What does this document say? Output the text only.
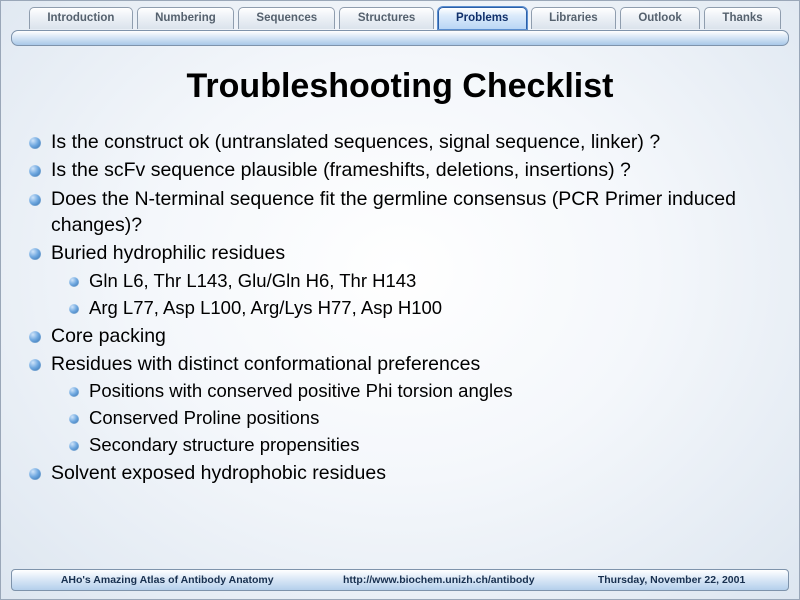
Introduction	Numbering	Sequences	Structures	Problems	Libraries	Outlook	Thanks
Troubleshooting Checklist
Is the construct ok (untranslated sequences, signal sequence, linker) ?
Is the scFv sequence plausible (frameshifts, deletions, insertions) ?
Does the N-terminal sequence fit the germline consensus (PCR Primer induced changes)?
Buried hydrophilic residues
Gln L6, Thr L143, Glu/Gln H6, Thr H143
Arg L77, Asp L100, Arg/Lys H77, Asp H100
Core packing
Residues with distinct conformational preferences
Positions with conserved positive Phi torsion angles
Conserved Proline positions
Secondary structure propensities
Solvent exposed hydrophobic residues
AHo's Amazing Atlas of Antibody Anatomy	http://www.biochem.unizh.ch/antibody	Thursday, November 22, 2001
